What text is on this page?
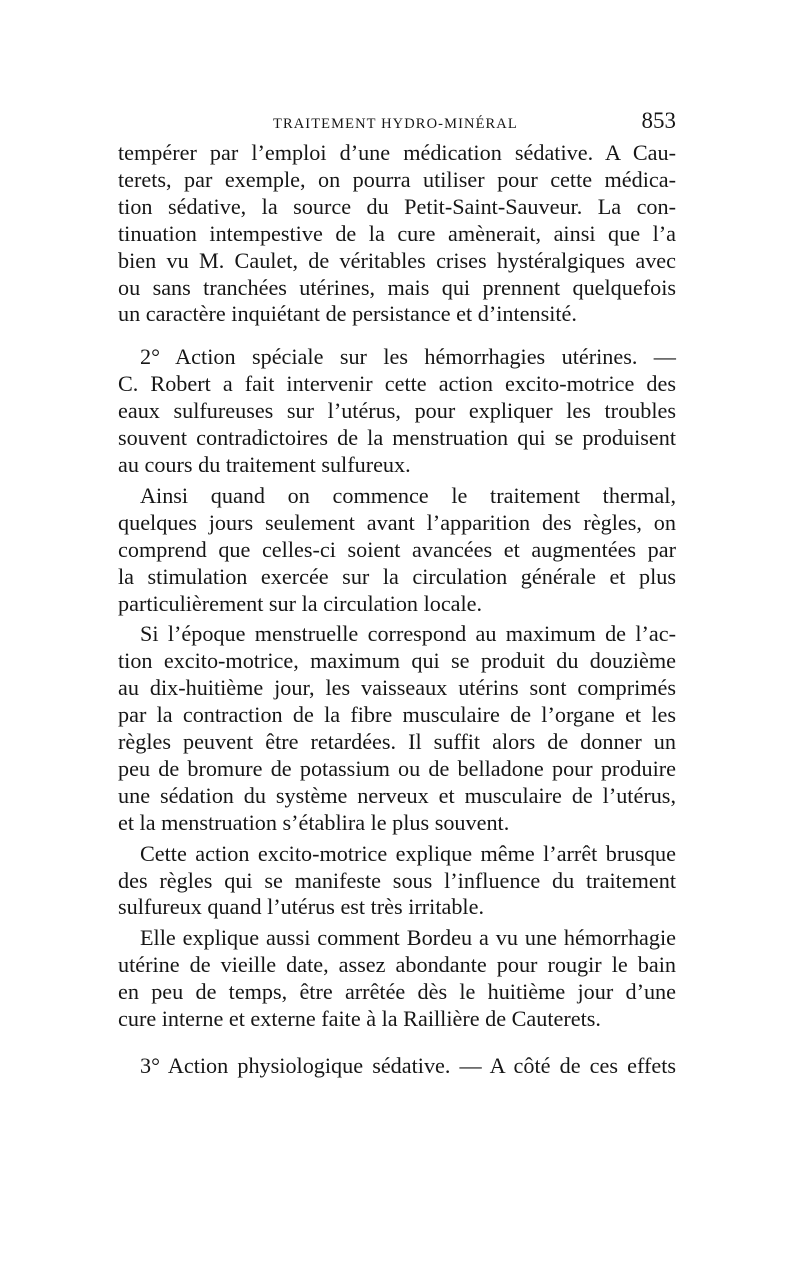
TRAITEMENT HYDRO-MINÉRAL	853
tempérer par l’emploi d’une médication sédative. A Cau-
terets, par exemple, on pourra utiliser pour cette médica-
tion sédative, la source du Petit-Saint-Sauveur. La con-
tinuation intempestive de la cure amènerait, ainsi que l’a
bien vu M. Caulet, de véritables crises hystéralgiques avec
ou sans tranchées utérines, mais qui prennent quelquefois
un caractère inquiétant de persistance et d’intensité.
2° Action spéciale sur les hémorrhagies utérines. —
C. Robert a fait intervenir cette action excito-motrice des
eaux sulfureuses sur l’utérus, pour expliquer les troubles
souvent contradictoires de la menstruation qui se produisent
au cours du traitement sulfureux.
Ainsi quand on commence le traitement thermal,
quelques jours seulement avant l’apparition des règles, on
comprend que celles-ci soient avancées et augmentées par
la stimulation exercée sur la circulation générale et plus
particulièrement sur la circulation locale.
Si l’époque menstruelle correspond au maximum de l’ac-
tion excito-motrice, maximum qui se produit du douzième
au dix-huitième jour, les vaisseaux utérins sont comprimés
par la contraction de la fibre musculaire de l’organe et les
règles peuvent être retardées. Il suffit alors de donner un
peu de bromure de potassium ou de belladone pour produire
une sédation du système nerveux et musculaire de l’utérus,
et la menstruation s’établira le plus souvent.
Cette action excito-motrice explique même l’arrêt brusque
des règles qui se manifeste sous l’influence du traitement
sulfureux quand l’utérus est très irritable.
Elle explique aussi comment Bordeu a vu une hémorrhagie
utérine de vieille date, assez abondante pour rougir le bain
en peu de temps, être arrêtée dès le huitième jour d’une
cure interne et externe faite à la Raillière de Cauterets.
3° Action physiologique sédative. — A côté de ces effets
